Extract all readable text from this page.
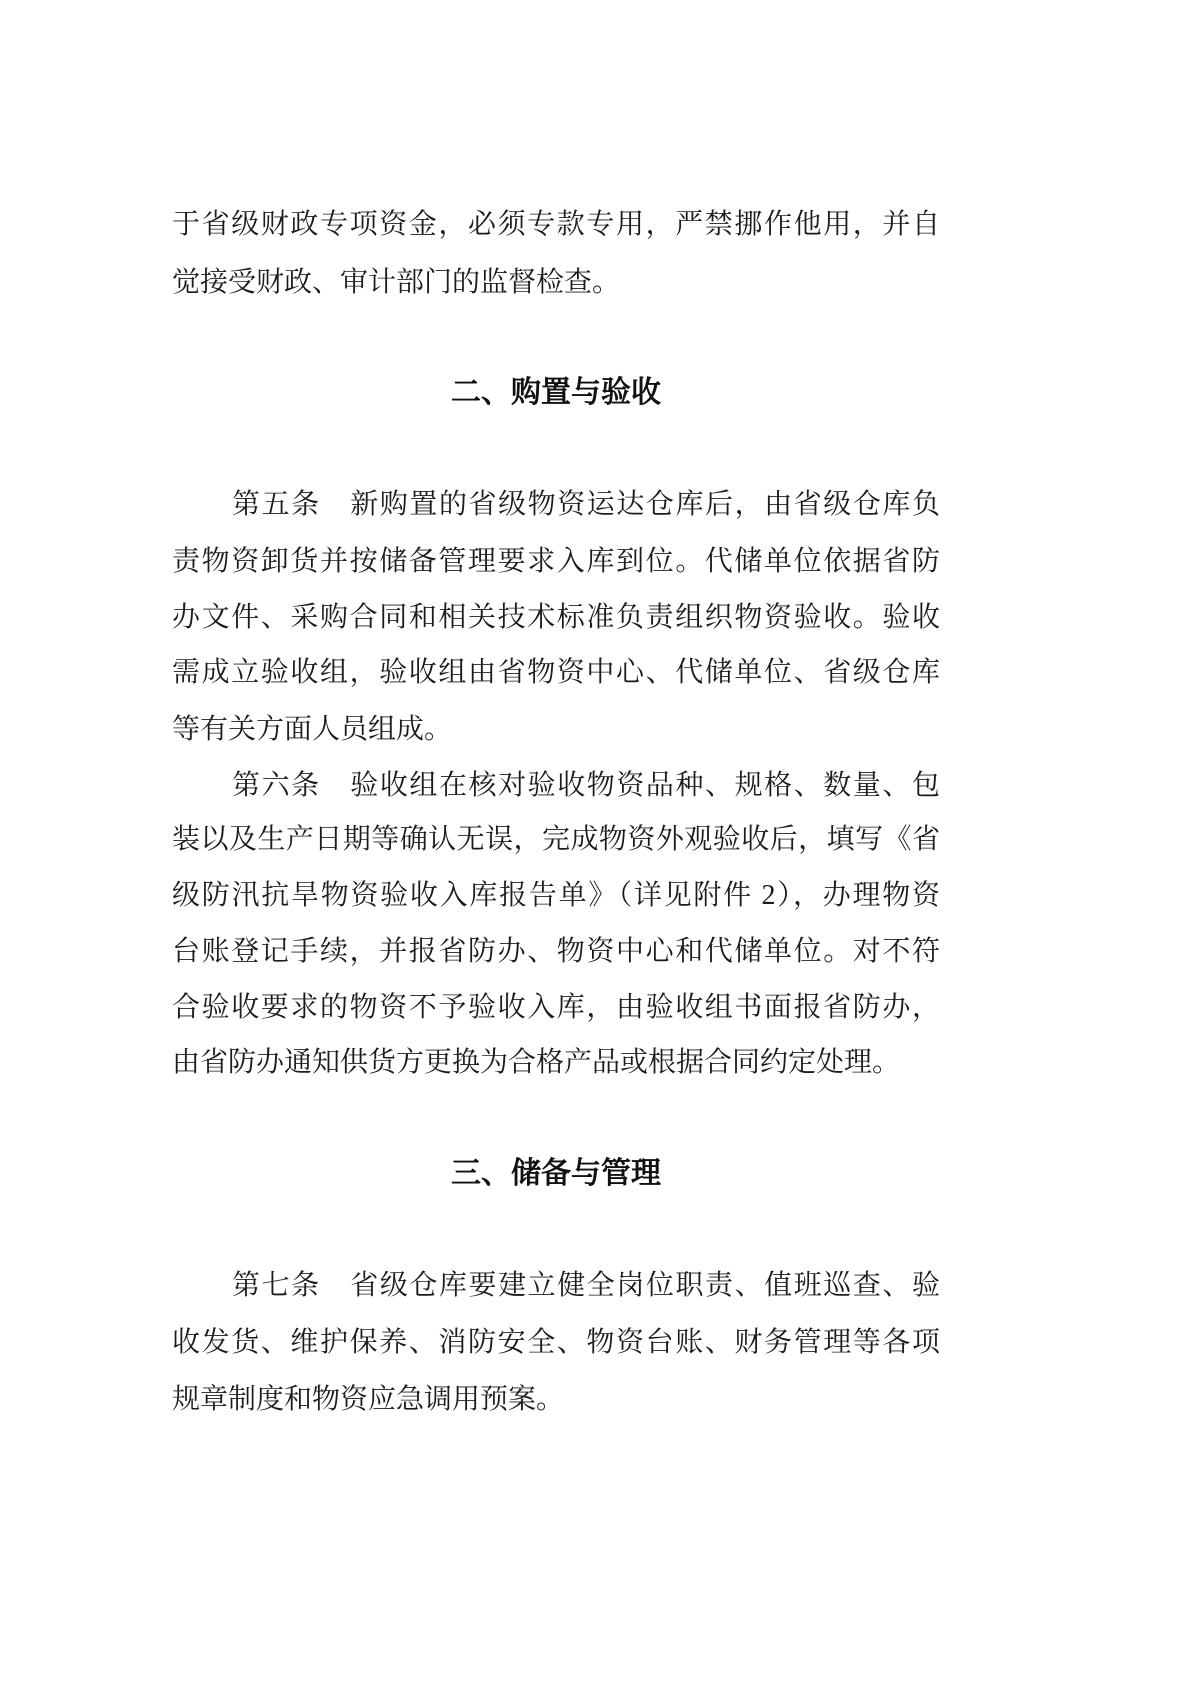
于省级财政专项资金，必须专款专用，严禁挪作他用，并自
觉接受财政、审计部门的监督检查。
二、购置与验收
第五条　新购置的省级物资运达仓库后，由省级仓库负
责物资卸货并按储备管理要求入库到位。代储单位依据省防
办文件、采购合同和相关技术标准负责组织物资验收。验收
需成立验收组，验收组由省物资中心、代储单位、省级仓库
等有关方面人员组成。
第六条　验收组在核对验收物资品种、规格、数量、包
装以及生产日期等确认无误，完成物资外观验收后，填写《省
级防汛抗旱物资验收入库报告单》（详见附件 2），办理物资
台账登记手续，并报省防办、物资中心和代储单位。对不符
合验收要求的物资不予验收入库，由验收组书面报省防办，
由省防办通知供货方更换为合格产品或根据合同约定处理。
三、储备与管理
第七条　省级仓库要建立健全岗位职责、值班巡查、验
收发货、维护保养、消防安全、物资台账、财务管理等各项
规章制度和物资应急调用预案。
